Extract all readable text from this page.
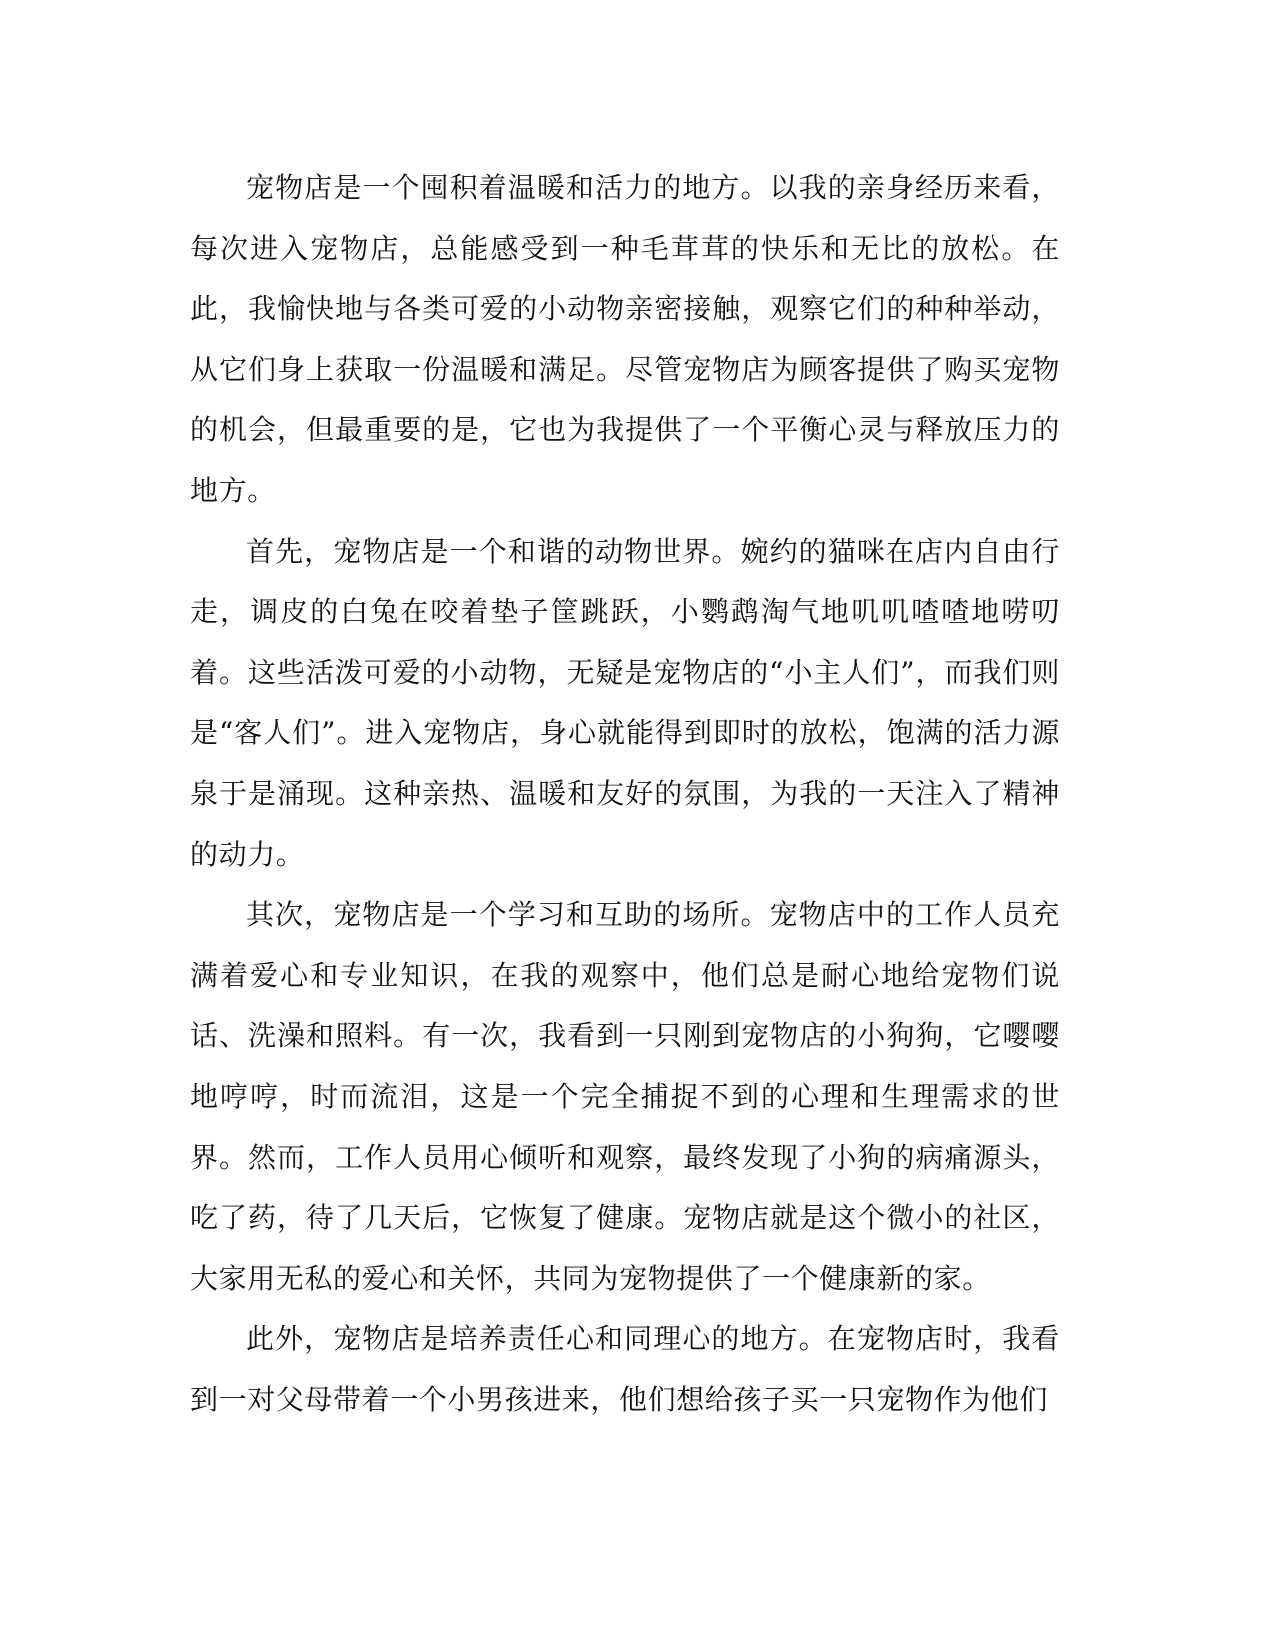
宠物店是一个囤积着温暖和活力的地方。以我的亲身经历来看，每次进入宠物店，总能感受到一种毛茸茸的快乐和无比的放松。在此，我愉快地与各类可爱的小动物亲密接触，观察它们的种种举动，从它们身上获取一份温暖和满足。尽管宠物店为顾客提供了购买宠物的机会，但最重要的是，它也为我提供了一个平衡心灵与释放压力的地方。

首先，宠物店是一个和谐的动物世界。婉约的猫咪在店内自由行走，调皮的白兔在咬着垫子筐跳跃，小鹦鹉淘气地叽叽喳喳地唠叨着。这些活泼可爱的小动物，无疑是宠物店的“小主人们”，而我们则是“客人们”。进入宠物店，身心就能得到即时的放松，饱满的活力源泉于是涌现。这种亲热、温暖和友好的氛围，为我的一天注入了精神的动力。

其次，宠物店是一个学习和互助的场所。宠物店中的工作人员充满着爱心和专业知识，在我的观察中，他们总是耐心地给宠物们说话、洗澡和照料。有一次，我看到一只刚到宠物店的小狗狗，它嘤嘤地哼哼，时而流泪，这是一个完全捕捉不到的心理和生理需求的世界。然而，工作人员用心倾听和观察，最终发现了小狗的病痛源头，吃了药，待了几天后，它恢复了健康。宠物店就是这个微小的社区，大家用无私的爱心和关怀，共同为宠物提供了一个健康新的家。

此外，宠物店是培养责任心和同理心的地方。在宠物店时，我看到一对父母带着一个小男孩进来，他们想给孩子买一只宠物作为他们
